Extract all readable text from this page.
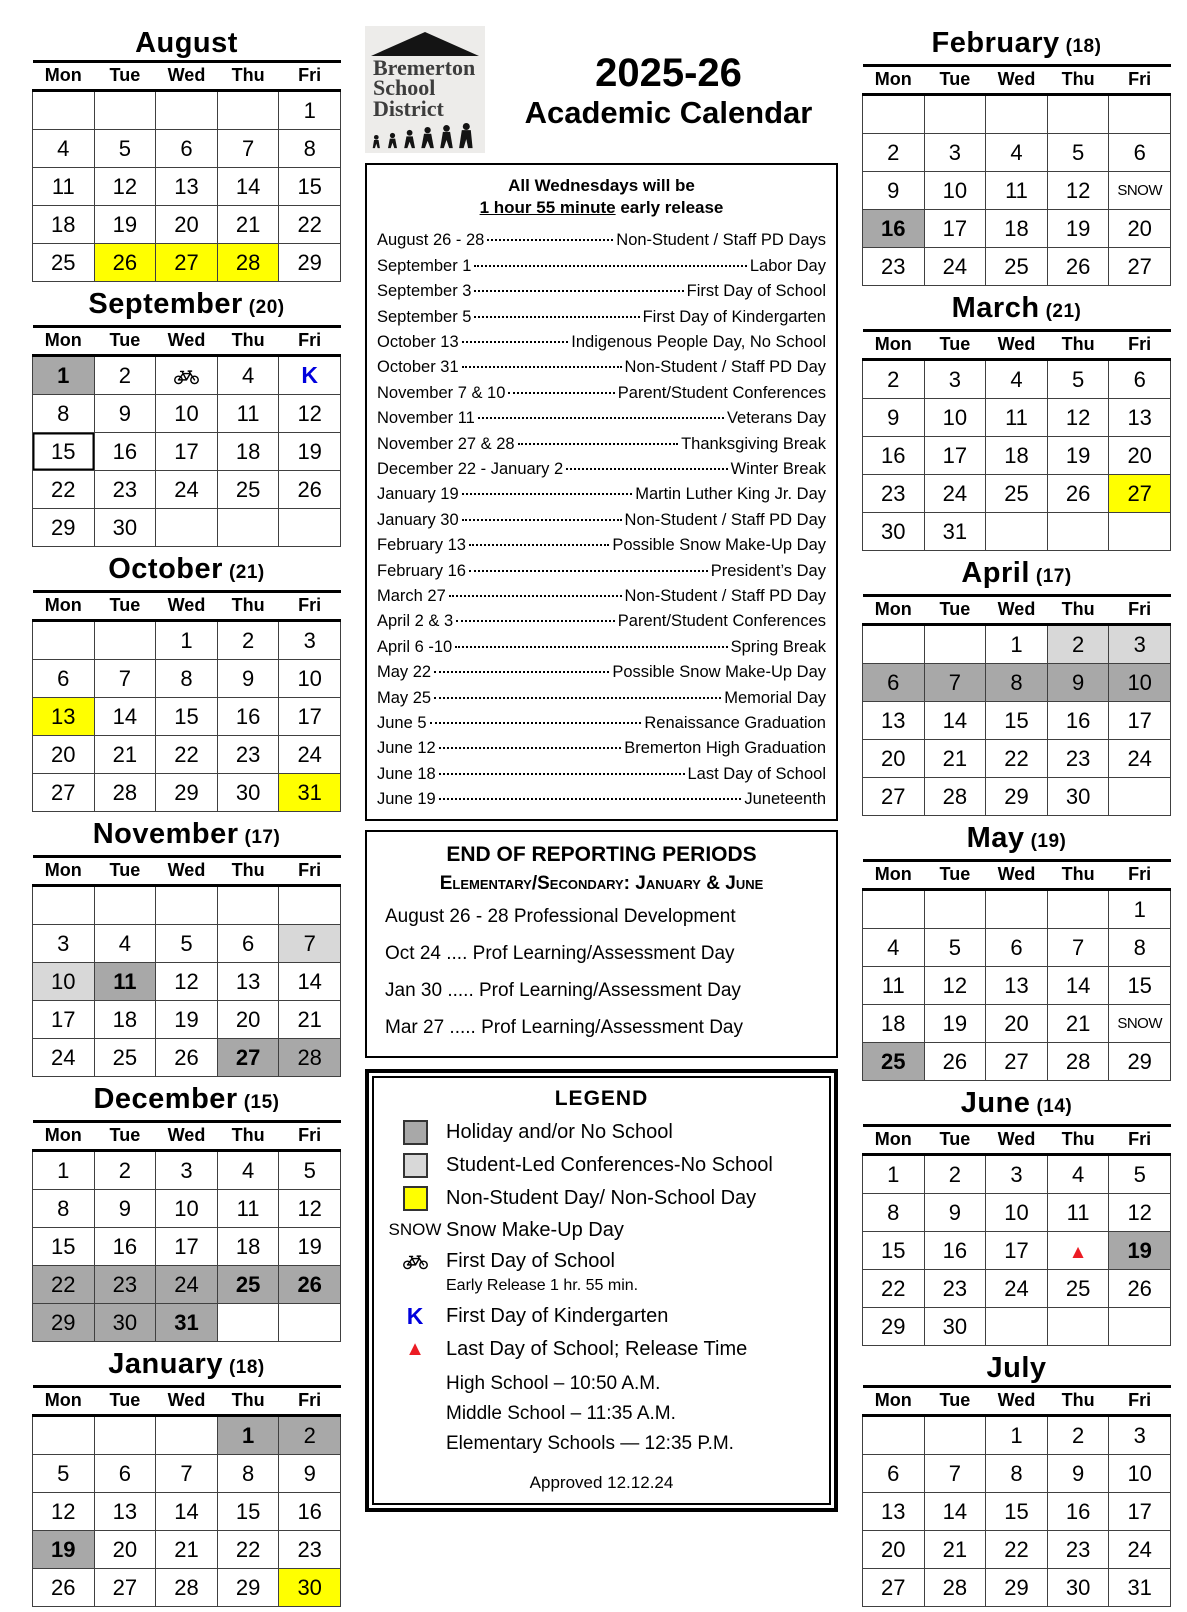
August
Mon	Tue	Wed	Thu	Fri
				1
4	5	6	7	8
11	12	13	14	15
18	19	20	21	22
25	26	27	28	29
September (20)
Mon	Tue	Wed	Thu	Fri
1	2		4	K
8	9	10	11	12
15	16	17	18	19
22	23	24	25	26
29	30			
October (21)
Mon	Tue	Wed	Thu	Fri
		1	2	3
6	7	8	9	10
13	14	15	16	17
20	21	22	23	24
27	28	29	30	31
November (17)
Mon	Tue	Wed	Thu	Fri

3	4	5	6	7
10	11	12	13	14
17	18	19	20	21
24	25	26	27	28
December (15)
Mon	Tue	Wed	Thu	Fri
1	2	3	4	5
8	9	10	11	12
15	16	17	18	19
22	23	24	25	26
29	30	31		
January (18)
Mon	Tue	Wed	Thu	Fri
			1	2
5	6	7	8	9
12	13	14	15	16
19	20	21	22	23
26	27	28	29	30
Bremerton
School
District
2025-26
Academic Calendar
All Wednesdays will be
1 hour 55 minute early release
August 26 - 28	Non-Student / Staff PD Days
September 1	Labor Day
September 3	First Day of School
September 5	First Day of Kindergarten
October 13	Indigenous People Day, No School
October 31	Non-Student / Staff PD Day
November 7 & 10	Parent/Student Conferences
November 11	Veterans Day
November 27 & 28	Thanksgiving Break
December 22 - January 2	Winter Break
January 19	Martin Luther King Jr. Day
January 30	Non-Student / Staff PD Day
February 13	Possible Snow Make-Up Day
February 16	President’s Day
March 27	Non-Student / Staff PD Day
April 2 & 3	Parent/Student Conferences
April 6 -10	Spring Break
May 22	Possible Snow Make-Up Day
May 25	Memorial Day
June 5	Renaissance Graduation
June 12	Bremerton High Graduation
June 18	Last Day of School
June 19	Juneteenth
END OF REPORTING PERIODS
Elementary/Secondary: January & June
August 26 - 28 Professional Development
Oct 24 .... Prof Learning/Assessment Day
Jan 30 ..... Prof Learning/Assessment Day
Mar 27 ..... Prof Learning/Assessment Day
LEGEND
Holiday and/or No School
Student-Led Conferences-No School
Non-Student Day/ Non-School Day
SNOW Snow Make-Up Day
First Day of School
Early Release 1 hr. 55 min.
K First Day of Kindergarten
▲ Last Day of School; Release Time
High School – 10:50 A.M.
Middle School – 11:35 A.M.
Elementary Schools — 12:35 P.M.
Approved 12.12.24
February (18)
Mon	Tue	Wed	Thu	Fri

2	3	4	5	6
9	10	11	12	SNOW
16	17	18	19	20
23	24	25	26	27
March (21)
Mon	Tue	Wed	Thu	Fri
2	3	4	5	6
9	10	11	12	13
16	17	18	19	20
23	24	25	26	27
30	31			
April (17)
Mon	Tue	Wed	Thu	Fri
		1	2	3
6	7	8	9	10
13	14	15	16	17
20	21	22	23	24
27	28	29	30	
May (19)
Mon	Tue	Wed	Thu	Fri
				1
4	5	6	7	8
11	12	13	14	15
18	19	20	21	SNOW
25	26	27	28	29
June (14)
Mon	Tue	Wed	Thu	Fri
1	2	3	4	5
8	9	10	11	12
15	16	17	▲	19
22	23	24	25	26
29	30			
July
Mon	Tue	Wed	Thu	Fri
		1	2	3
6	7	8	9	10
13	14	15	16	17
20	21	22	23	24
27	28	29	30	31
